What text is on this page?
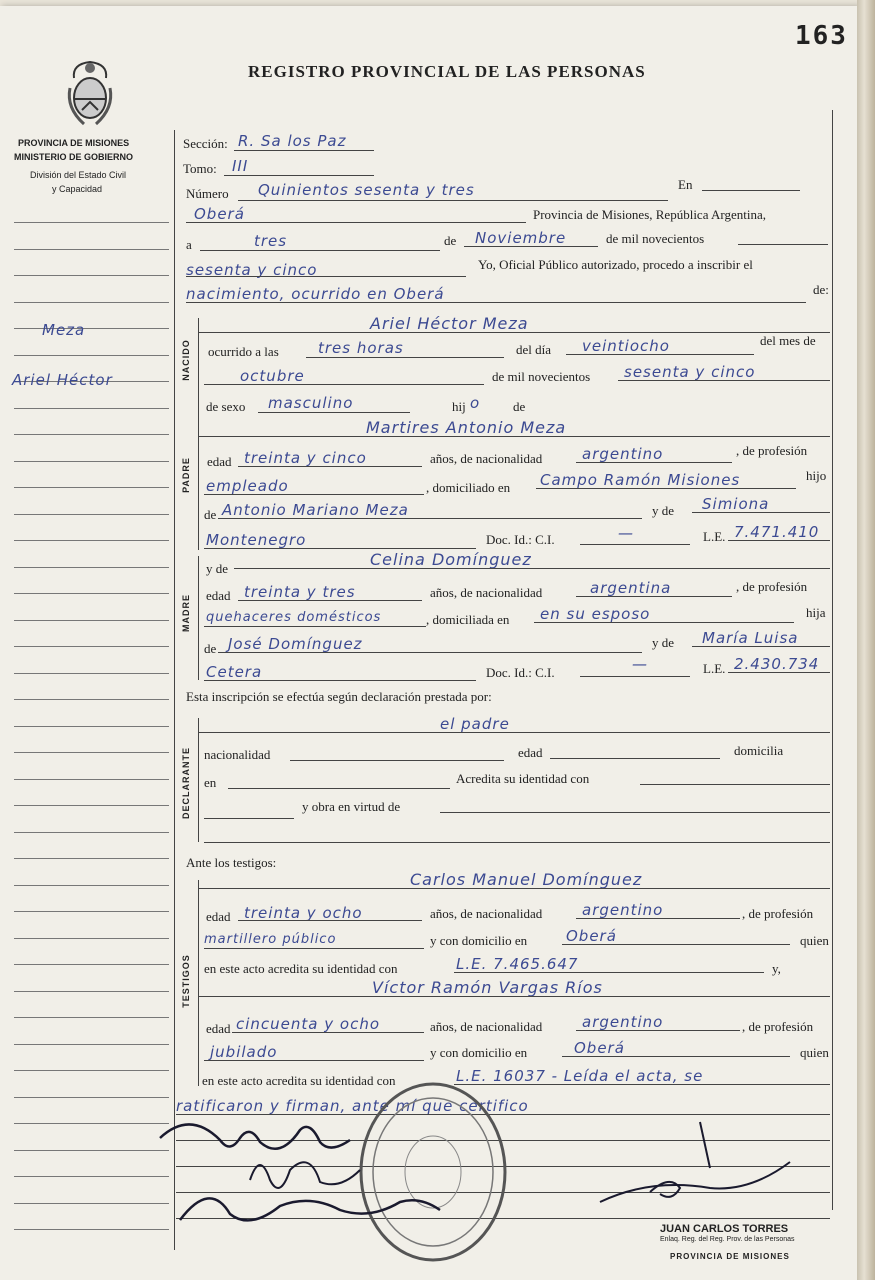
163
REGISTRO PROVINCIAL DE LAS PERSONAS
PROVINCIA DE MISIONES
MINISTERIO DE GOBIERNO
División del Estado Civil
y Capacidad
Meza
Ariel Héctor
Sección: R. Sa los Paz
Tomo: III
Número Quinientos sesenta y tres	En
Oberá	Provincia de Misiones, República Argentina,
a	tres	de Noviembre	de mil novecientos
sesenta y cinco	Yo, Oficial Público autorizado, procedo a inscribir el
nacimiento, ocurrido en Oberá	de:
NACIDO
Ariel Héctor Meza
ocurrido a las	tres horas	del día veintiocho	del mes de
octubre	de mil novecientos sesenta y cinco
de sexo masculino	hij o	de
PADRE
Martires Antonio Meza
edad treinta y cinco	años, de nacionalidad	argentino	, de profesión
empleado	, domiciliado en Campo Ramón Misiones	hijo
de Antonio Mariano Meza	y de Simiona
Montenegro	Doc. Id.: C.I.	—	L.E. 7.471.410
MADRE
y de	Celina Domínguez
edad treinta y tres	años, de nacionalidad	argentina	, de profesión
quehaceres domésticos	, domiciliada en en su esposo	hija
de José Domínguez	y de María Luisa
Cetera	Doc. Id.: C.I.	—	L.E. 2.430.734
Esta inscripción se efectúa según declaración prestada por:
DECLARANTE
el padre
nacionalidad	edad	domicilia
en	Acredita su identidad con
y obra en virtud de
Ante los testigos:
TESTIGOS
Carlos Manuel Domínguez
edad treinta y ocho	años, de nacionalidad	argentino	, de profesión
martillero público	y con domicilio en	Oberá	quien
en este acto acredita su identidad con	L.E. 7.465.647	y,
Víctor Ramón Vargas Ríos
edad cincuenta y ocho	años, de nacionalidad	argentino	, de profesión
jubilado	y con domicilio en	Oberá	quien
en este acto acredita su identidad con	L.E. 16037 - Leída el acta, se
ratificaron y firman, ante mí que certifico
JUAN CARLOS TORRES
Enlaq. Reg. del Reg. Prov. de las Personas
PROVINCIA DE MISIONES
